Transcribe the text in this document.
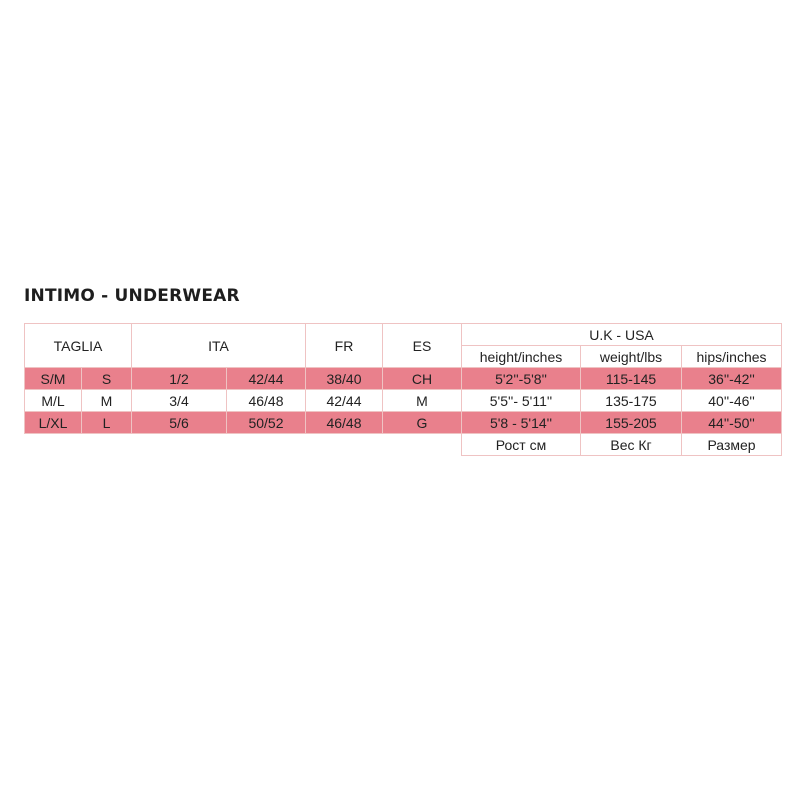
INTIMO - UNDERWEAR
TAGLIA		ITA		FR	ES	U.K - USA		
						height/inches	weight/lbs	hips/inches
S/M	S	1/2	42/44	38/40	CH	5'2''-5'8''	115-145	36''-42''
M/L	M	3/4	46/48	42/44	M	5'5''- 5'11''	135-175	40''-46''
L/XL	L	5/6	50/52	46/48	G	5'8 - 5'14''	155-205	44''-50''
						Рост см	Вес Кг	Размер
